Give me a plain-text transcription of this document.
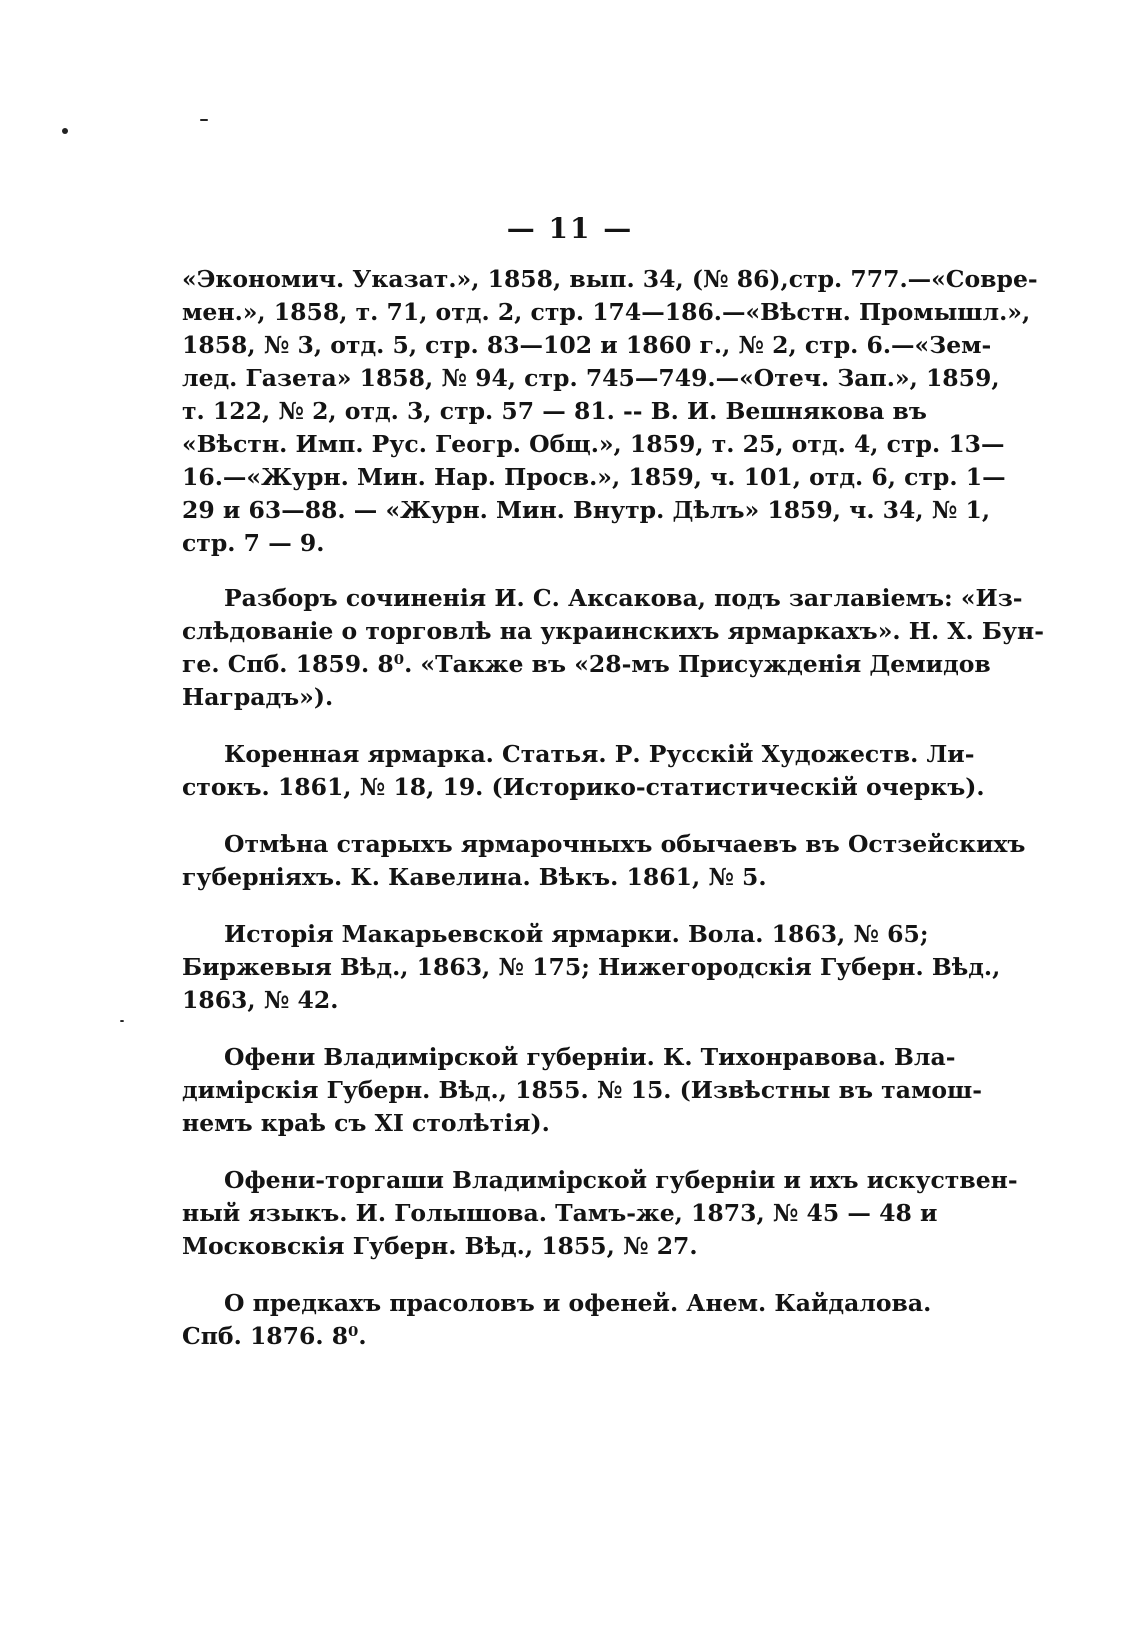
— 11 —
«Экономич. Указат.», 1858, вып. 34, (№ 86),стр. 777.—«Совре-
мен.», 1858, т. 71, отд. 2, стр. 174—186.—«Вѣстн. Промышл.»,
1858, № 3, отд. 5, стр. 83—102 и 1860 г., № 2, стр. 6.—«Зем-
лед. Газета» 1858, № 94, стр. 745—749.—«Отеч. Зап.», 1859,
т. 122, № 2, отд. 3, стр. 57 — 81. -- В. И. Вешнякова въ
«Вѣстн. Имп. Рус. Геогр. Общ.», 1859, т. 25, отд. 4, стр. 13—
16.—«Журн. Мин. Нар. Просв.», 1859, ч. 101, отд. 6, стр. 1—
29 и 63—88. — «Журн. Мин. Внутр. Дѣлъ» 1859, ч. 34, № 1,
стр. 7 — 9.
Разборъ сочиненія И. С. Аксакова, подъ заглавіемъ: «Из-
слѣдованіе о торговлѣ на украинскихъ ярмаркахъ». Н. Х. Бун-
ге. Спб. 1859. 8⁰. «Также въ «28-мъ Присужденія Демидов
Наградъ»).
Коренная ярмарка. Статья. Р. Русскій Художеств. Ли-
стокъ. 1861, № 18, 19. (Историко-статистическій очеркъ).
Отмѣна старыхъ ярмарочныхъ обычаевъ въ Остзейскихъ
губерніяхъ. К. Кавелина. Вѣкъ. 1861, № 5.
Исторія Макарьевской ярмарки. Вола. 1863, № 65;
Биржевыя Вѣд., 1863, № 175; Нижегородскія Губерн. Вѣд.,
1863, № 42.
Офени Владимірской губерніи. К. Тихонравова. Вла-
димірскія Губерн. Вѣд., 1855. № 15. (Извѣстны въ тамош-
немъ краѣ съ XI столѣтія).
Офени-торгаши Владимірской губерніи и ихъ искуствен-
ный языкъ. И. Голышова. Тамъ-же, 1873, № 45 — 48 и
Московскія Губерн. Вѣд., 1855, № 27.
О предкахъ прасоловъ и офеней. Анем. Кайдалова.
Спб. 1876. 8⁰.
